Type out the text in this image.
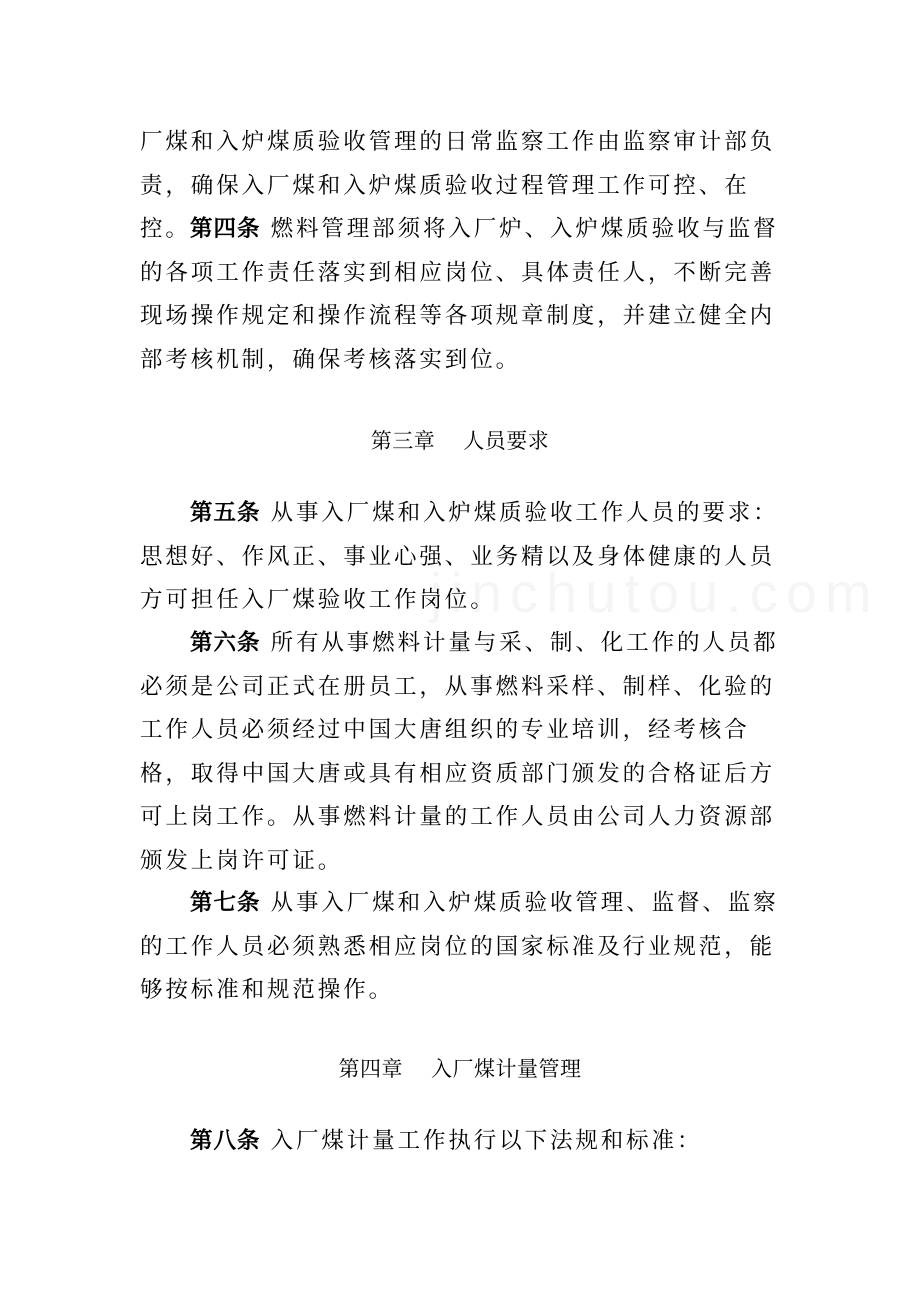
厂煤和入炉煤质验收管理的日常监察工作由监察审计部负责，确保入厂煤和入炉煤质验收过程管理工作可控、在控。 第四条 燃料管理部须将入厂炉、入炉煤质验收与监督的各项工作责任落实到相应岗位、具体责任人，不断完善现场操作规定和操作流程等各项规章制度，并建立健全内部考核机制，确保考核落实到位。

第三章 人员要求

第五条 从事入厂煤和入炉煤质验收工作人员的要求：思想好、作风正、事业心强、业务精以及身体健康的人员方可担任入厂煤验收工作岗位。

第六条 所有从事燃料计量与采、制、化工作的人员都必须是公司正式在册员工，从事燃料采样、制样、化验的工作人员必须经过中国大唐组织的专业培训，经考核合格，取得中国大唐或具有相应资质部门颁发的合格证后方可上岗工作。从事燃料计量的工作人员由公司人力资源部颁发上岗许可证。

第七条 从事入厂煤和入炉煤质验收管理、监督、监察的工作人员必须熟悉相应岗位的国家标准及行业规范，能够按标准和规范操作。

第四章 入厂煤计量管理

第八条 入厂煤计量工作执行以下法规和标准：
